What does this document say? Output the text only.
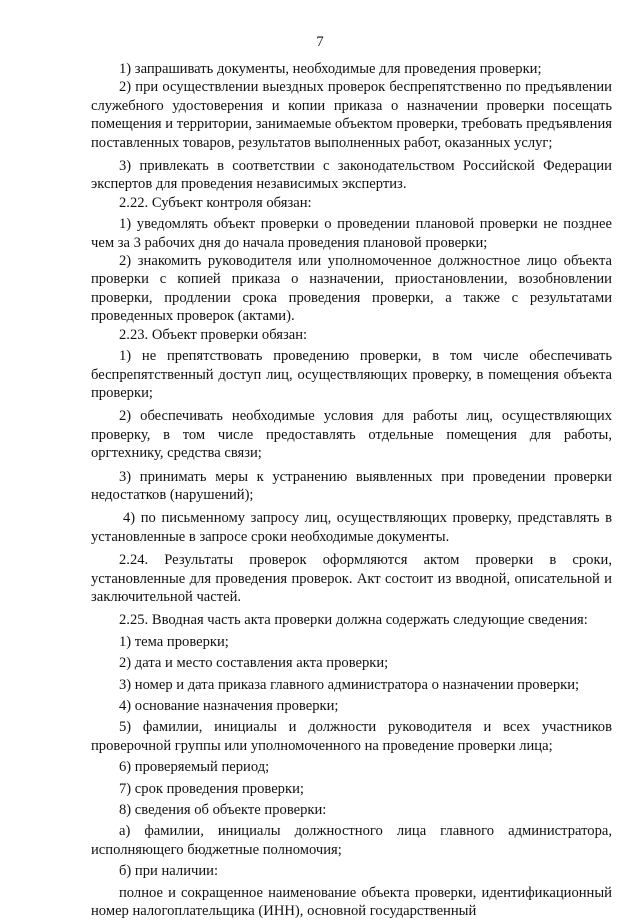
7

1) запрашивать документы, необходимые для проведения проверки;

2) при осуществлении выездных проверок беспрепятственно по предъявлении служебного удостоверения и копии приказа о назначении проверки посещать помещения и территории, занимаемые объектом проверки, требовать предъявления поставленных товаров, результатов выполненных работ, оказанных услуг;

3) привлекать в соответствии с законодательством Российской Федерации экспертов для проведения независимых экспертиз.

2.22. Субъект контроля обязан:

1) уведомлять объект проверки о проведении плановой проверки не позднее чем за 3 рабочих дня до начала проведения плановой проверки;

2) знакомить руководителя или уполномоченное должностное лицо объекта проверки с копией приказа о назначении, приостановлении, возобновлении проверки, продлении срока проведения проверки, а также с результатами проведенных проверок (актами).

2.23. Объект проверки обязан:

1) не препятствовать проведению проверки, в том числе обеспечивать беспрепятственный доступ лиц, осуществляющих проверку, в помещения объекта проверки;

2) обеспечивать необходимые условия для работы лиц, осуществляющих проверку, в том числе предоставлять отдельные помещения для работы, оргтехнику, средства связи;

3) принимать меры к устранению выявленных при проведении проверки недостатков (нарушений);

4) по письменному запросу лиц, осуществляющих проверку, представлять в установленные в запросе сроки необходимые документы.

2.24. Результаты проверок оформляются актом проверки в сроки, установленные для проведения проверок. Акт состоит из вводной, описательной и заключительной частей.

2.25. Вводная часть акта проверки должна содержать следующие сведения:

1) тема проверки;

2) дата и место составления акта проверки;

3) номер и дата приказа главного администратора о назначении проверки;

4) основание назначения проверки;

5) фамилии, инициалы и должности руководителя и всех участников проверочной группы или уполномоченного на проведение проверки лица;

6) проверяемый период;

7) срок проведения проверки;

8) сведения об объекте проверки:

а) фамилии, инициалы должностного лица главного администратора, исполняющего бюджетные полномочия;

б) при наличии:

полное и сокращенное наименование объекта проверки, идентификационный номер налогоплательщика (ИНН), основной государственный
